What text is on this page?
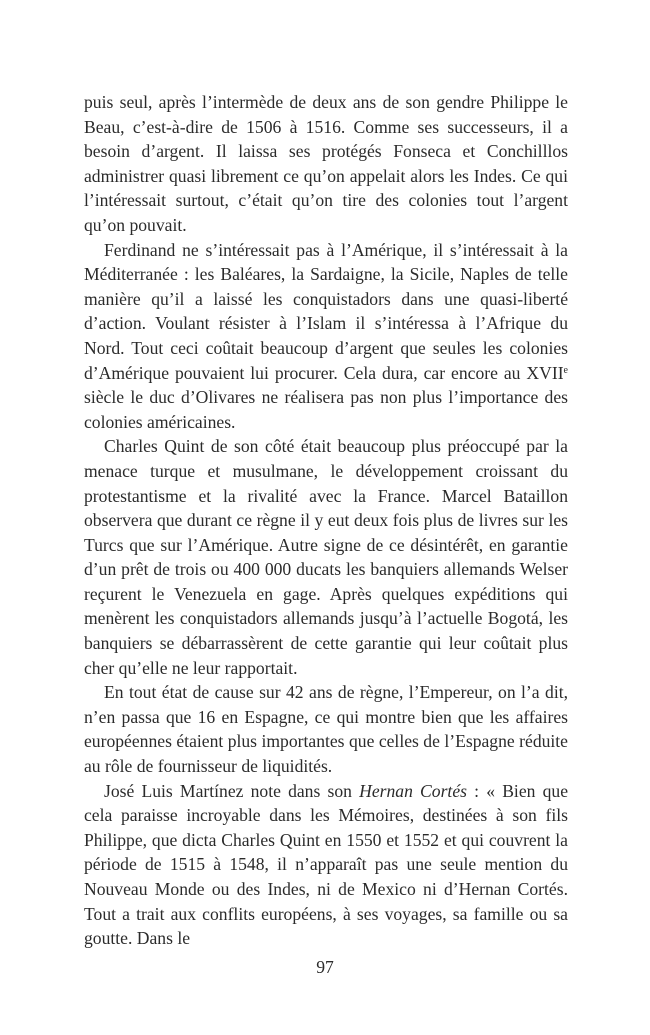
puis seul, après l’intermède de deux ans de son gendre Philippe le Beau, c’est-à-dire de 1506 à 1516. Comme ses successeurs, il a besoin d’argent. Il laissa ses protégés Fonseca et Conchilllos administrer quasi librement ce qu’on appelait alors les Indes. Ce qui l’intéressait surtout, c’était qu’on tire des colonies tout l’argent qu’on pouvait.

Ferdinand ne s’intéressait pas à l’Amérique, il s’intéressait à la Méditerranée : les Baléares, la Sardaigne, la Sicile, Naples de telle manière qu’il a laissé les conquistadors dans une quasi-liberté d’action. Voulant résister à l’Islam il s’intéressa à l’Afrique du Nord. Tout ceci coûtait beaucoup d’argent que seules les colonies d’Amérique pouvaient lui procurer. Cela dura, car encore au XVIIe siècle le duc d’Olivares ne réalisera pas non plus l’importance des colonies américaines.

Charles Quint de son côté était beaucoup plus préoccupé par la menace turque et musulmane, le développement croissant du protestantisme et la rivalité avec la France. Marcel Bataillon observera que durant ce règne il y eut deux fois plus de livres sur les Turcs que sur l’Amérique. Autre signe de ce désintérêt, en garantie d’un prêt de trois ou 400 000 ducats les banquiers allemands Welser reçurent le Venezuela en gage. Après quelques expéditions qui menèrent les conquistadors allemands jusqu’à l’actuelle Bogotá, les banquiers se débarrassèrent de cette garantie qui leur coûtait plus cher qu’elle ne leur rapportait.

En tout état de cause sur 42 ans de règne, l’Empereur, on l’a dit, n’en passa que 16 en Espagne, ce qui montre bien que les affaires européennes étaient plus importantes que celles de l’Espagne réduite au rôle de fournisseur de liquidités.

José Luis Martínez note dans son Hernan Cortés : « Bien que cela paraisse incroyable dans les Mémoires, destinées à son fils Philippe, que dicta Charles Quint en 1550 et 1552 et qui couvrent la période de 1515 à 1548, il n’apparaît pas une seule mention du Nouveau Monde ou des Indes, ni de Mexico ni d’Hernan Cortés. Tout a trait aux conflits européens, à ses voyages, sa famille ou sa goutte. Dans le

97
